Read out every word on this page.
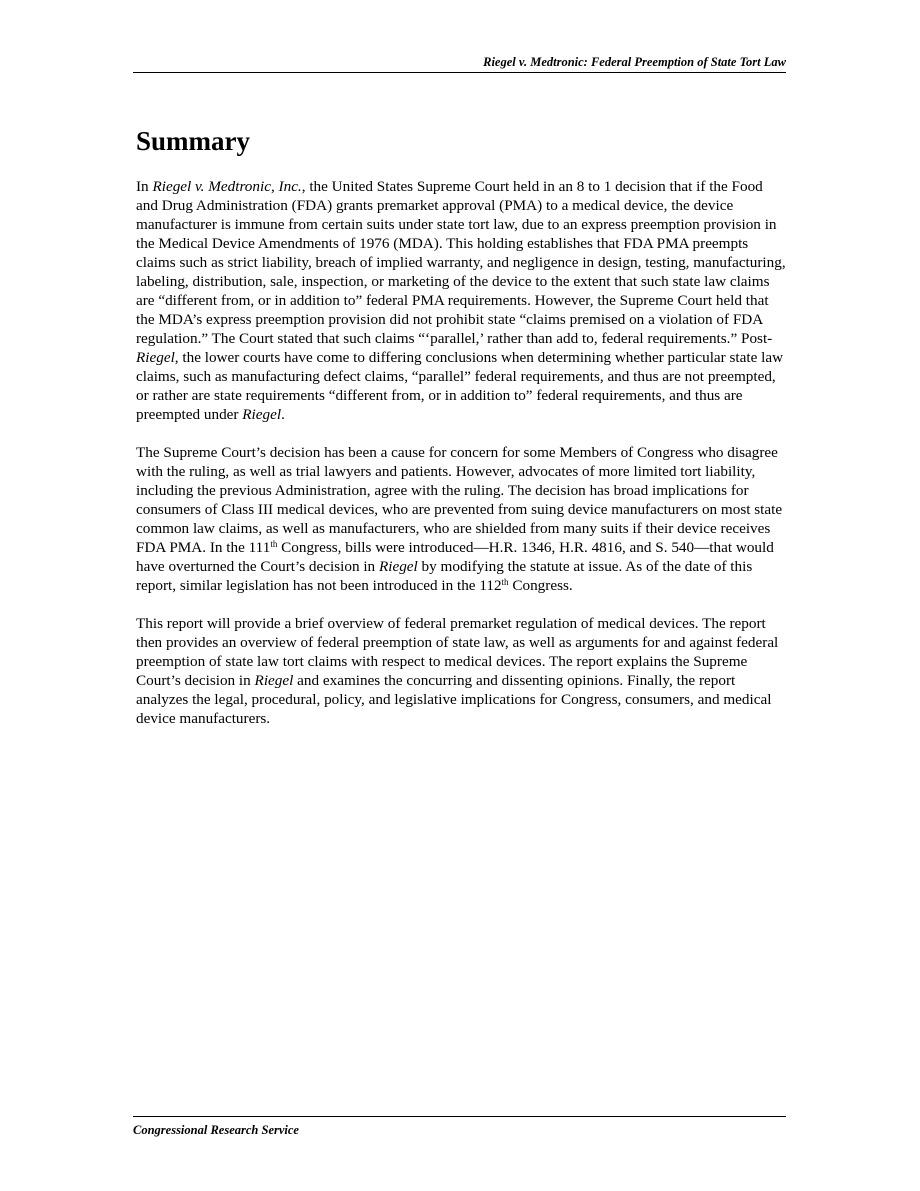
Riegel v. Medtronic: Federal Preemption of State Tort Law
Summary

In Riegel v. Medtronic, Inc., the United States Supreme Court held in an 8 to 1 decision that if the Food and Drug Administration (FDA) grants premarket approval (PMA) to a medical device, the device manufacturer is immune from certain suits under state tort law, due to an express preemption provision in the Medical Device Amendments of 1976 (MDA). This holding establishes that FDA PMA preempts claims such as strict liability, breach of implied warranty, and negligence in design, testing, manufacturing, labeling, distribution, sale, inspection, or marketing of the device to the extent that such state law claims are “different from, or in addition to” federal PMA requirements. However, the Supreme Court held that the MDA’s express preemption provision did not prohibit state “claims premised on a violation of FDA regulation.” The Court stated that such claims “‘parallel,’ rather than add to, federal requirements.” Post-Riegel, the lower courts have come to differing conclusions when determining whether particular state law claims, such as manufacturing defect claims, “parallel” federal requirements, and thus are not preempted, or rather are state requirements “different from, or in addition to” federal requirements, and thus are preempted under Riegel.

The Supreme Court’s decision has been a cause for concern for some Members of Congress who disagree with the ruling, as well as trial lawyers and patients. However, advocates of more limited tort liability, including the previous Administration, agree with the ruling. The decision has broad implications for consumers of Class III medical devices, who are prevented from suing device manufacturers on most state common law claims, as well as manufacturers, who are shielded from many suits if their device receives FDA PMA. In the 111th Congress, bills were introduced—H.R. 1346, H.R. 4816, and S. 540—that would have overturned the Court’s decision in Riegel by modifying the statute at issue. As of the date of this report, similar legislation has not been introduced in the 112th Congress.

This report will provide a brief overview of federal premarket regulation of medical devices. The report then provides an overview of federal preemption of state law, as well as arguments for and against federal preemption of state law tort claims with respect to medical devices. The report explains the Supreme Court’s decision in Riegel and examines the concurring and dissenting opinions. Finally, the report analyzes the legal, procedural, policy, and legislative implications for Congress, consumers, and medical device manufacturers.

Congressional Research Service
